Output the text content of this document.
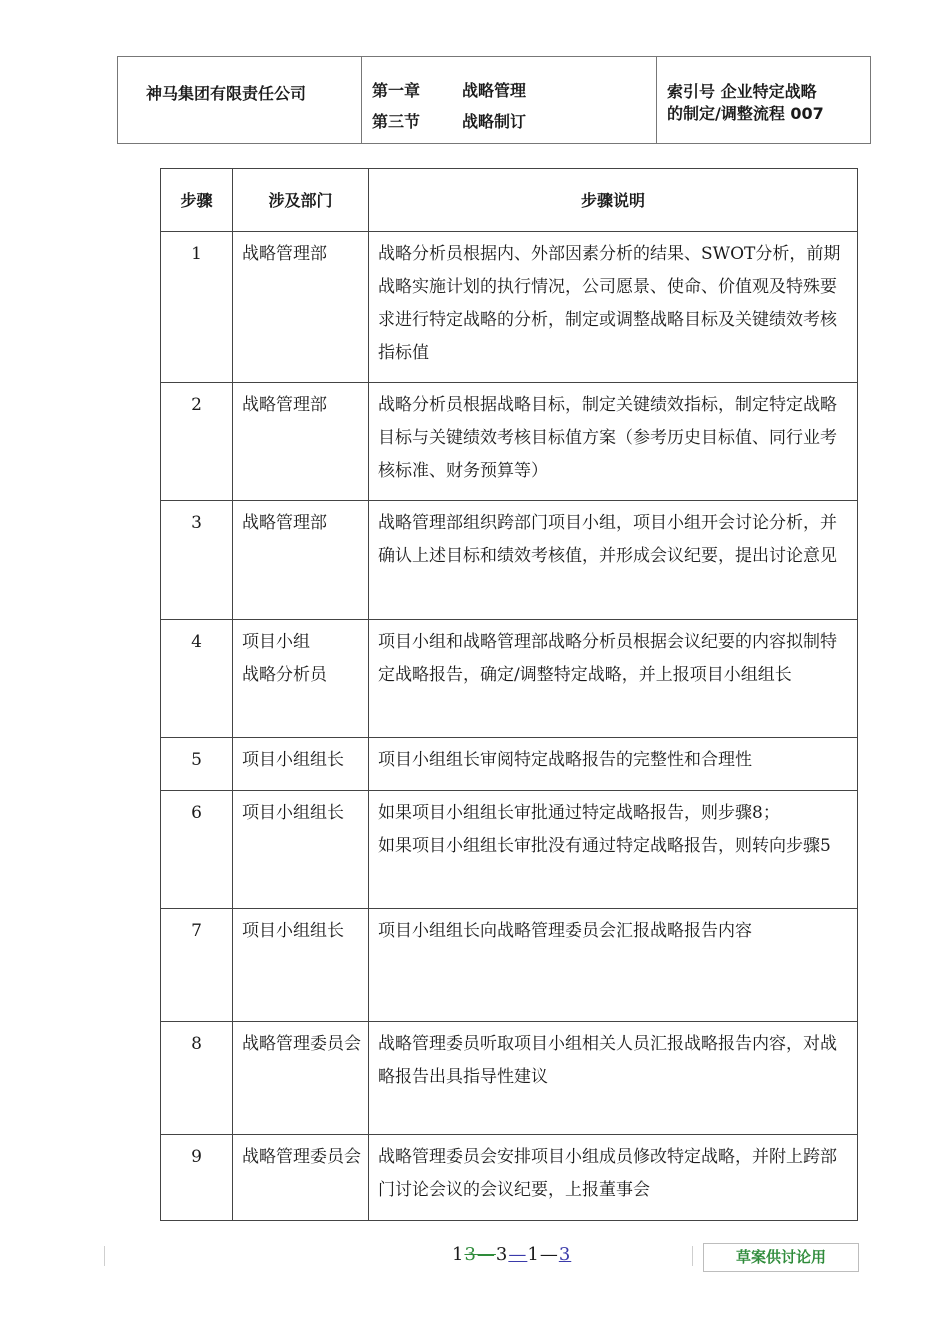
神马集团有限责任公司	第一章	战略管理
第三节	战略制订
索引号 企业特定战略
的制定/调整流程 007
步骤	涉及部门	步骤说明
1	战略管理部	战略分析员根据内、外部因素分析的结果、SWOT分析，前期战略实施计划的执行情况，公司愿景、使命、价值观及特殊要求进行特定战略的分析，制定或调整战略目标及关键绩效考核指标值
2	战略管理部	战略分析员根据战略目标，制定关键绩效指标，制定特定战略目标与关键绩效考核目标值方案（参考历史目标值、同行业考核标准、财务预算等）
3	战略管理部	战略管理部组织跨部门项目小组，项目小组开会讨论分析，并确认上述目标和绩效考核值，并形成会议纪要，提出讨论意见
4	项目小组
战略分析员	项目小组和战略管理部战略分析员根据会议纪要的内容拟制特定战略报告，确定/调整特定战略，并上报项目小组组长
5	项目小组组长	项目小组组长审阅特定战略报告的完整性和合理性
6	项目小组组长	如果项目小组组长审批通过特定战略报告，则步骤8；
如果项目小组组长审批没有通过特定战略报告，则转向步骤5

7	项目小组组长	项目小组组长向战略管理委员会汇报战略报告内容
8	战略管理委员会	战略管理委员听取项目小组相关人员汇报战略报告内容，对战略报告出具指导性建议
9	战略管理委员会	战略管理委员会安排项目小组成员修改特定战略，并附上跨部门讨论会议的会议纪要，上报董事会
13—3—1—3	草案供讨论用
